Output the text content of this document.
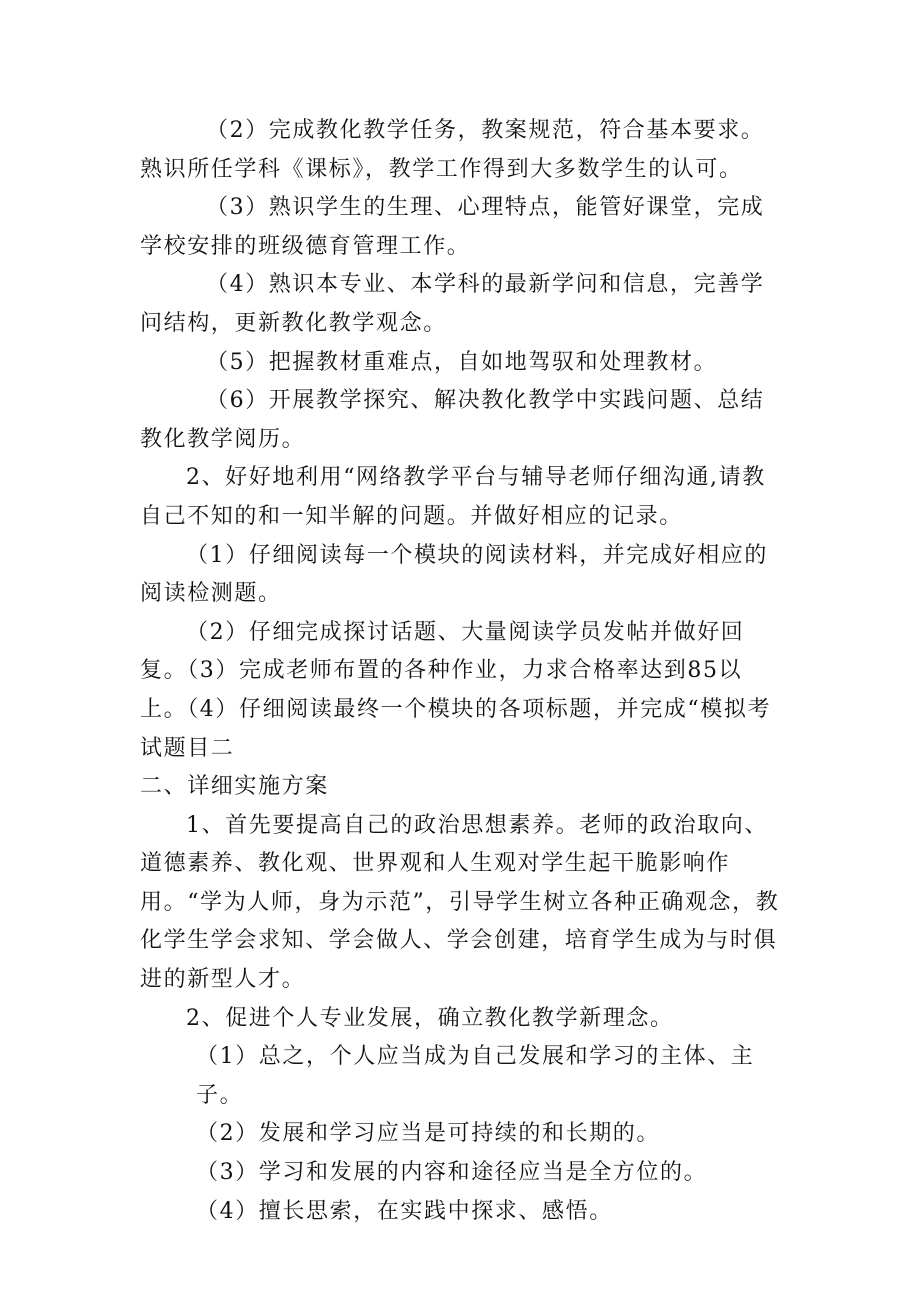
（2）完成教化教学任务，教案规范，符合基本要求。熟识所任学科《课标》，教学工作得到大多数学生的认可。

（3）熟识学生的生理、心理特点，能管好课堂，完成学校安排的班级德育管理工作。

（4）熟识本专业、本学科的最新学问和信息，完善学问结构，更新教化教学观念。

（5）把握教材重难点，自如地驾驭和处理教材。

（6）开展教学探究、解决教化教学中实践问题、总结教化教学阅历。

2、好好地利用“网络教学平台与辅导老师仔细沟通,请教自己不知的和一知半解的问题。并做好相应的记录。

（1）仔细阅读每一个模块的阅读材料，并完成好相应的阅读检测题。

（2）仔细完成探讨话题、大量阅读学员发帖并做好回复。（3）完成老师布置的各种作业，力求合格率达到85以上。（4）仔细阅读最终一个模块的各项标题，并完成“模拟考试题目二

二、详细实施方案

1、首先要提高自己的政治思想素养。老师的政治取向、道德素养、教化观、世界观和人生观对学生起干脆影响作用。“学为人师，身为示范”，引导学生树立各种正确观念，教化学生学会求知、学会做人、学会创建，培育学生成为与时俱进的新型人才。

2、促进个人专业发展，确立教化教学新理念。

（1）总之，个人应当成为自己发展和学习的主体、主子。

（2）发展和学习应当是可持续的和长期的。

（3）学习和发展的内容和途径应当是全方位的。

（4）擅长思索，在实践中探求、感悟。
